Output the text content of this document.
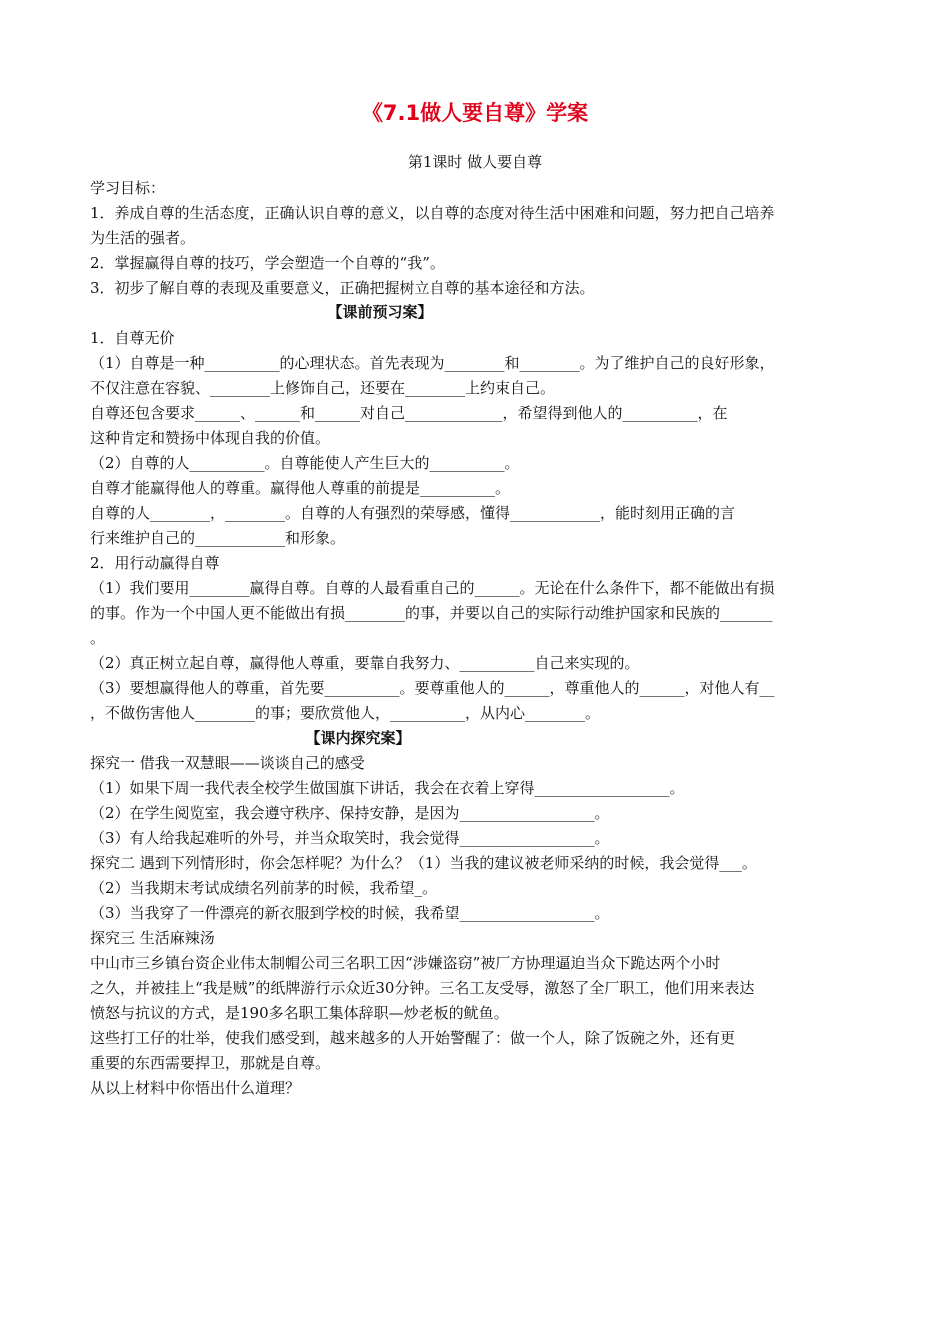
《7.1做人要自尊》学案
第1课时 做人要自尊
学习目标：
1．养成自尊的生活态度，正确认识自尊的意义，以自尊的态度对待生活中困难和问题，努力把自己培养
为生活的强者。
2．掌握赢得自尊的技巧，学会塑造一个自尊的“我”。
3．初步了解自尊的表现及重要意义，正确把握树立自尊的基本途径和方法。
【课前预习案】
1．自尊无价
（1）自尊是一种__________的心理状态。首先表现为________和________。为了维护自己的良好形象，
不仅注意在容貌、________上修饰自己，还要在________上约束自己。
自尊还包含要求______、______和______对自己_____________，希望得到他人的__________，在
这种肯定和赞扬中体现自我的价值。
（2）自尊的人__________。自尊能使人产生巨大的__________。
自尊才能赢得他人的尊重。赢得他人尊重的前提是__________。
自尊的人________，________。自尊的人有强烈的荣辱感，懂得____________，能时刻用正确的言
行来维护自己的____________和形象。
2．用行动赢得自尊
（1）我们要用________赢得自尊。自尊的人最看重自己的______。无论在什么条件下，都不能做出有损
的事。作为一个中国人更不能做出有损________的事，并要以自己的实际行动维护国家和民族的_______
。
（2）真正树立起自尊，赢得他人尊重，要靠自我努力、__________自己来实现的。
（3）要想赢得他人的尊重，首先要__________。要尊重他人的______，尊重他人的______，对他人有__
，不做伤害他人________的事；要欣赏他人，__________，从内心________。
【课内探究案】
探究一 借我一双慧眼——谈谈自己的感受
（1）如果下周一我代表全校学生做国旗下讲话，我会在衣着上穿得__________________。
（2）在学生阅览室，我会遵守秩序、保持安静，是因为__________________。
（3）有人给我起难听的外号，并当众取笑时，我会觉得__________________。
探究二 遇到下列情形时，你会怎样呢？为什么？（1）当我的建议被老师采纳的时候，我会觉得___。
（2）当我期末考试成绩名列前茅的时候，我希望_。
（3）当我穿了一件漂亮的新衣服到学校的时候，我希望__________________。
探究三 生活麻辣汤
中山市三乡镇台资企业伟太制帽公司三名职工因“涉嫌盗窃”被厂方协理逼迫当众下跪达两个小时
之久，并被挂上“我是贼”的纸牌游行示众近30分钟。三名工友受辱，激怒了全厂职工，他们用来表达
愤怒与抗议的方式，是190多名职工集体辞职—炒老板的鱿鱼。
这些打工仔的壮举，使我们感受到，越来越多的人开始警醒了：做一个人，除了饭碗之外，还有更
重要的东西需要捍卫，那就是自尊。
从以上材料中你悟出什么道理？
